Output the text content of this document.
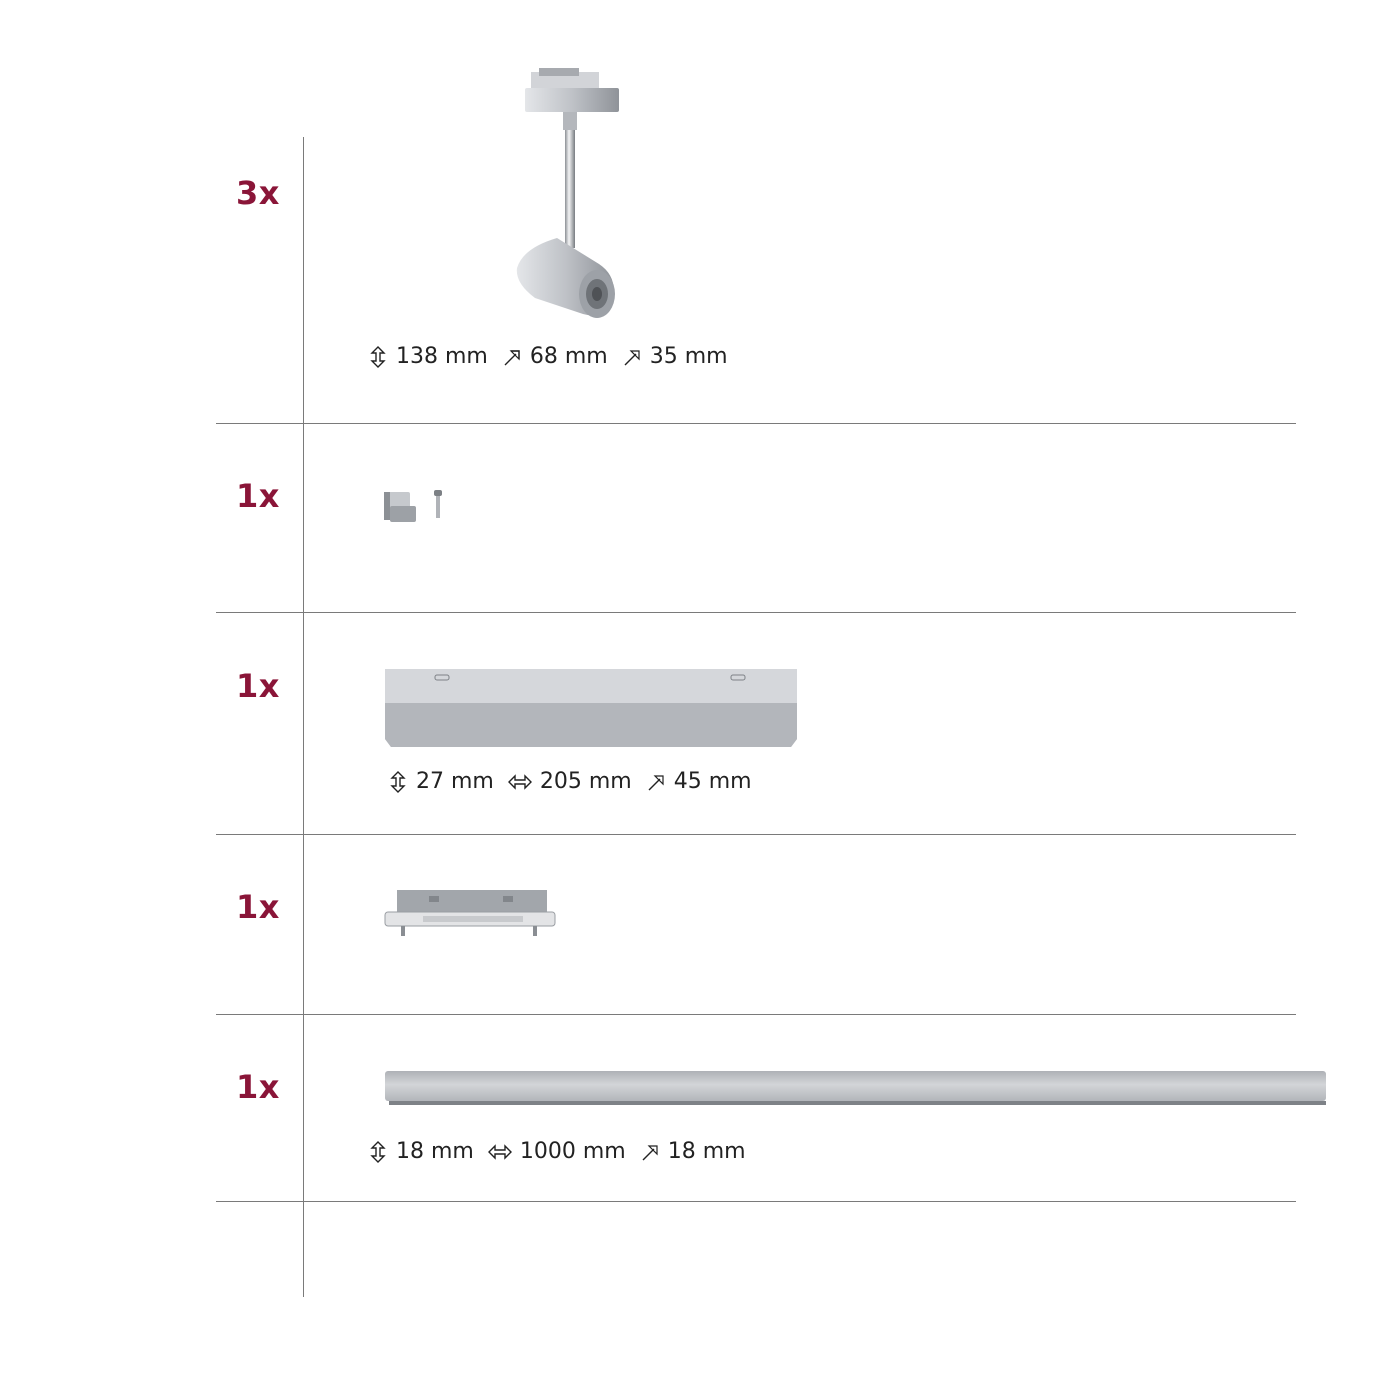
3x
138 mm 68 mm 35 mm
1x
1x
27 mm 205 mm 45 mm
1x
1x
18 mm 1000 mm 18 mm
